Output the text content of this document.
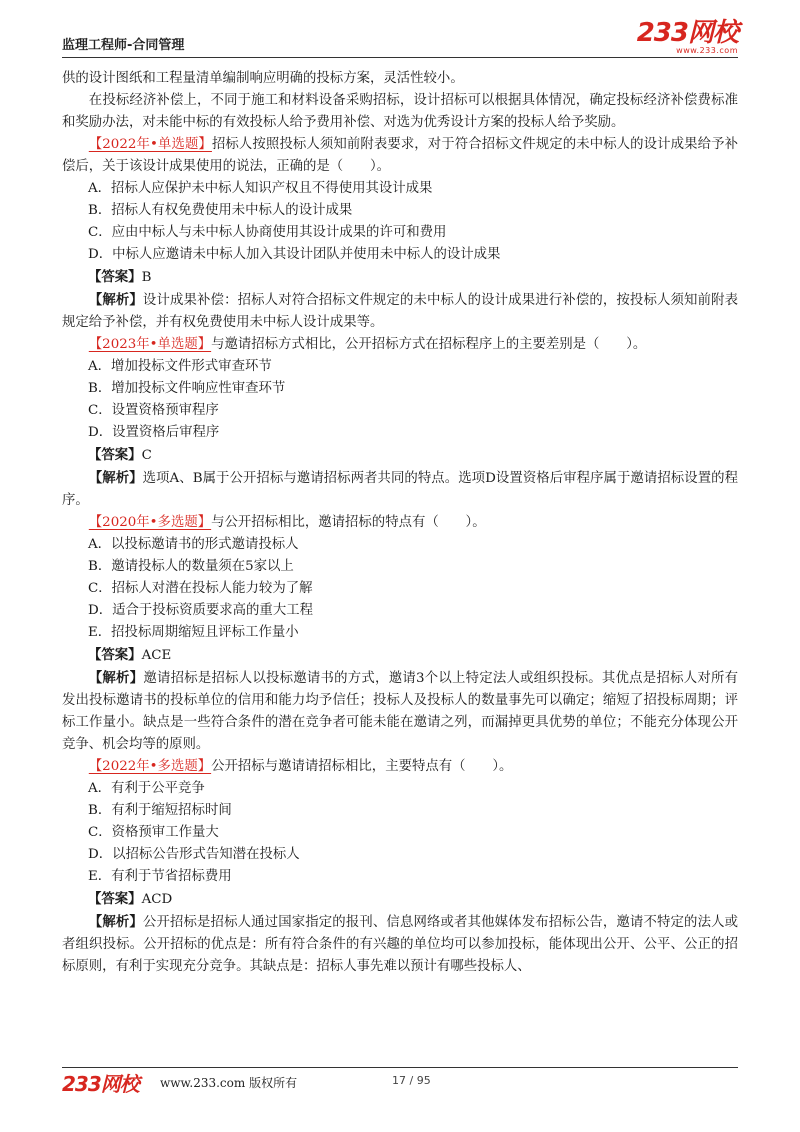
监理工程师-合同管理	233网校
www.233.com

供的设计图纸和工程量清单编制响应明确的投标方案，灵活性较小。

在投标经济补偿上，不同于施工和材料设备采购招标，设计招标可以根据具体情况，确定投标经济补偿费标准和奖励办法，对未能中标的有效投标人给予费用补偿、对选为优秀设计方案的投标人给予奖励。

【2022年•单选题】招标人按照投标人须知前附表要求，对于符合招标文件规定的未中标人的设计成果给予补偿后，关于该设计成果使用的说法，正确的是（　　）。

A．招标人应保护未中标人知识产权且不得使用其设计成果

B．招标人有权免费使用未中标人的设计成果

C．应由中标人与未中标人协商使用其设计成果的许可和费用

D．中标人应邀请未中标人加入其设计团队并使用未中标人的设计成果

【答案】B

【解析】设计成果补偿：招标人对符合招标文件规定的未中标人的设计成果进行补偿的，按投标人须知前附表规定给予补偿，并有权免费使用未中标人设计成果等。

【2023年•单选题】与邀请招标方式相比，公开招标方式在招标程序上的主要差别是（　　）。

A．增加投标文件形式审查环节

B．增加投标文件响应性审查环节

C．设置资格预审程序

D．设置资格后审程序

【答案】C

【解析】选项A、B属于公开招标与邀请招标两者共同的特点。选项D设置资格后审程序属于邀请招标设置的程序。

【2020年•多选题】与公开招标相比，邀请招标的特点有（　　）。

A．以投标邀请书的形式邀请投标人

B．邀请投标人的数量须在5家以上

C．招标人对潜在投标人能力较为了解

D．适合于投标资质要求高的重大工程

E．招投标周期缩短且评标工作量小

【答案】ACE

【解析】邀请招标是招标人以投标邀请书的方式，邀请3个以上特定法人或组织投标。其优点是招标人对所有发出投标邀请书的投标单位的信用和能力均予信任；投标人及投标人的数量事先可以确定；缩短了招投标周期；评标工作量小。缺点是一些符合条件的潜在竞争者可能未能在邀请之列，而漏掉更具优势的单位；不能充分体现公开竞争、机会均等的原则。

【2022年•多选题】公开招标与邀请请招标相比，主要特点有（　　）。

A．有利于公平竞争

B．有利于缩短招标时间

C．资格预审工作量大

D．以招标公告形式告知潜在投标人

E．有利于节省招标费用

【答案】ACD

【解析】公开招标是招标人通过国家指定的报刊、信息网络或者其他媒体发布招标公告，邀请不特定的法人或者组织投标。公开招标的优点是：所有符合条件的有兴趣的单位均可以参加投标，能体现出公开、公平、公正的招标原则，有利于实现充分竞争。其缺点是：招标人事先难以预计有哪些投标人、

233网校 www.233.com 版权所有	17 / 95
